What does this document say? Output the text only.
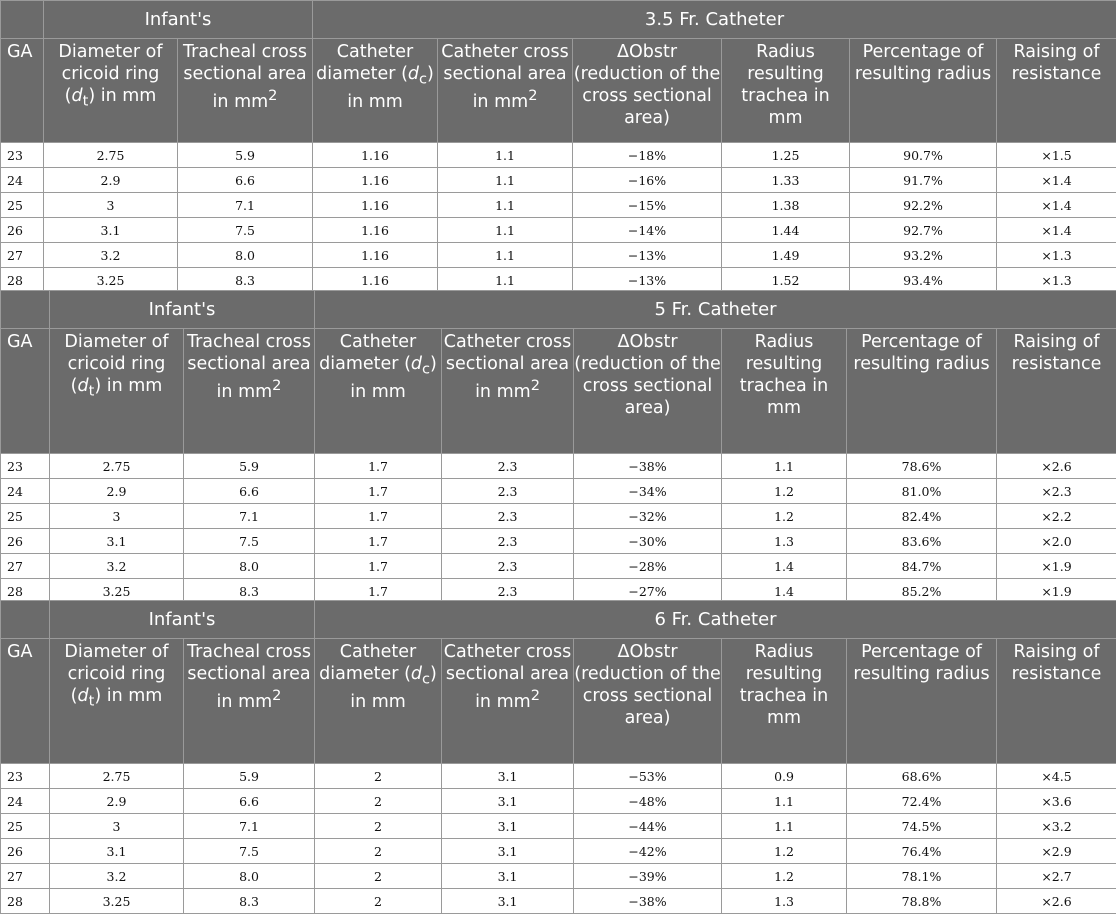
	Infant's		3.5 Fr. Catheter					
GA	Diameter of cricoid ring $(d_t)$ in mm	Tracheal cross sectional area in $mm^2$	Catheter diameter $(d_c)$ in mm	Catheter cross sectional area in $mm^2$	ΔObstr (reduction of the cross sectional area)	Radius resulting trachea in mm	Percentage of resulting radius	Raising of resistance
23	2.75	5.9	1.16	1.1	−18%	1.25	90.7%	×1.5
24	2.9	6.6	1.16	1.1	−16%	1.33	91.7%	×1.4
25	3	7.1	1.16	1.1	−15%	1.38	92.2%	×1.4
26	3.1	7.5	1.16	1.1	−14%	1.44	92.7%	×1.4
27	3.2	8.0	1.16	1.1	−13%	1.49	93.2%	×1.3
28	3.25	8.3	1.16	1.1	−13%	1.52	93.4%	×1.3
	Infant's		5 Fr. Catheter					
GA	Diameter of cricoid ring $(d_t)$ in mm	Tracheal cross sectional area in $mm^2$	Catheter diameter $(d_c)$ in mm	Catheter cross sectional area in $mm^2$	ΔObstr (reduction of the cross sectional area)	Radius resulting trachea in mm	Percentage of resulting radius	Raising of resistance
23	2.75	5.9	1.7	2.3	−38%	1.1	78.6%	×2.6
24	2.9	6.6	1.7	2.3	−34%	1.2	81.0%	×2.3
25	3	7.1	1.7	2.3	−32%	1.2	82.4%	×2.2
26	3.1	7.5	1.7	2.3	−30%	1.3	83.6%	×2.0
27	3.2	8.0	1.7	2.3	−28%	1.4	84.7%	×1.9
28	3.25	8.3	1.7	2.3	−27%	1.4	85.2%	×1.9
	Infant's		6 Fr. Catheter					
GA	Diameter of cricoid ring $(d_t)$ in mm	Tracheal cross sectional area in $mm^2$	Catheter diameter $(d_c)$ in mm	Catheter cross sectional area in $mm^2$	ΔObstr (reduction of the cross sectional area)	Radius resulting trachea in mm	Percentage of resulting radius	Raising of resistance
23	2.75	5.9	2	3.1	−53%	0.9	68.6%	×4.5
24	2.9	6.6	2	3.1	−48%	1.1	72.4%	×3.6
25	3	7.1	2	3.1	−44%	1.1	74.5%	×3.2
26	3.1	7.5	2	3.1	−42%	1.2	76.4%	×2.9
27	3.2	8.0	2	3.1	−39%	1.2	78.1%	×2.7
28	3.25	8.3	2	3.1	−38%	1.3	78.8%	×2.6
